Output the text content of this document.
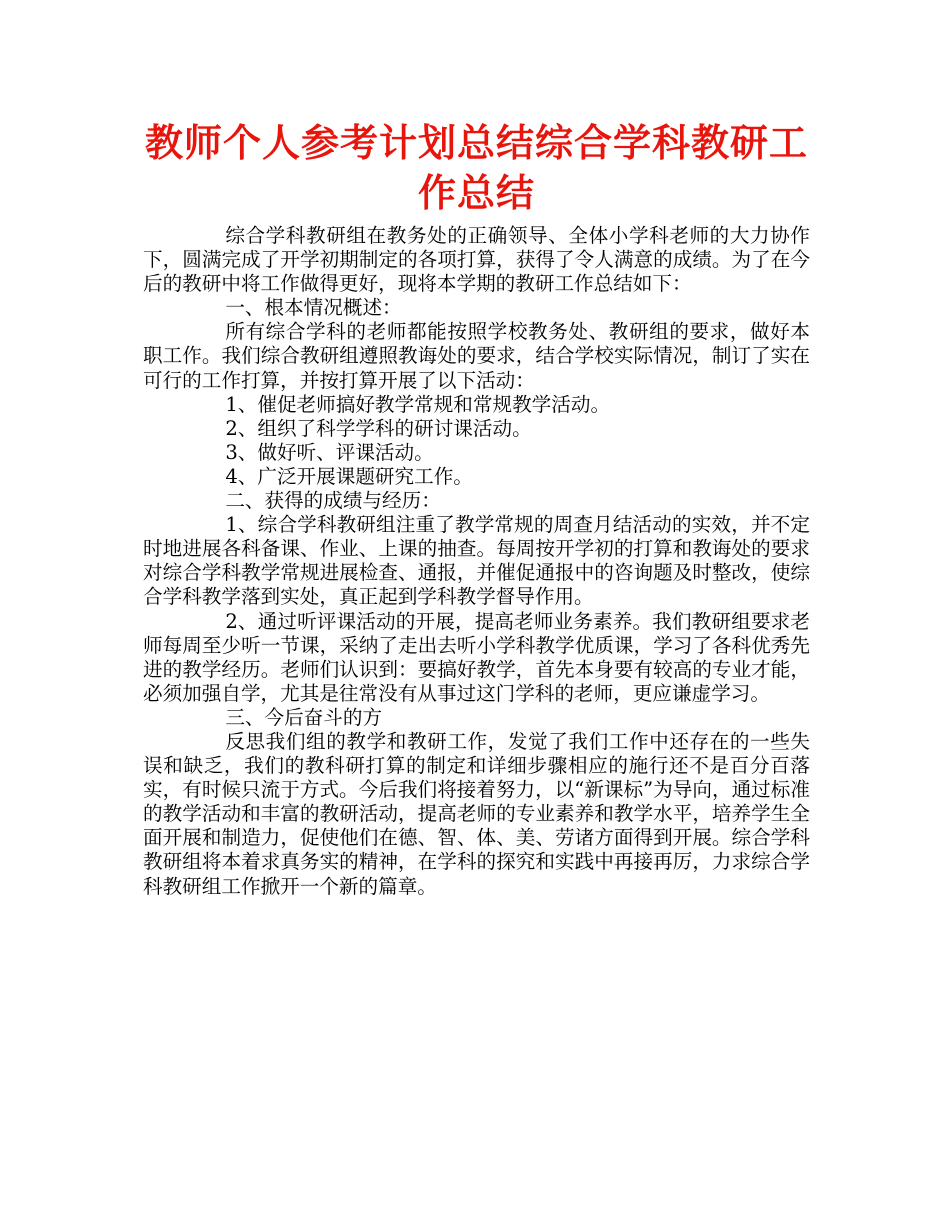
教师个人参考计划总结综合学科教研工作总结

综合学科教研组在教务处的正确领导、全体小学科老师的大力协作下，圆满完成了开学初期制定的各项打算，获得了令人满意的成绩。为了在今后的教研中将工作做得更好，现将本学期的教研工作总结如下：

一、根本情况概述：

所有综合学科的老师都能按照学校教务处、教研组的要求，做好本职工作。我们综合教研组遵照教诲处的要求，结合学校实际情况，制订了实在可行的工作打算，并按打算开展了以下活动：

1、催促老师搞好教学常规和常规教学活动。

2、组织了科学学科的研讨课活动。

3、做好听、评课活动。

4、广泛开展课题研究工作。

二、获得的成绩与经历：

1、综合学科教研组注重了教学常规的周查月结活动的实效，并不定时地进展各科备课、作业、上课的抽查。每周按开学初的打算和教诲处的要求对综合学科教学常规进展检查、通报，并催促通报中的咨询题及时整改，使综合学科教学落到实处，真正起到学科教学督导作用。

2、通过听评课活动的开展，提高老师业务素养。我们教研组要求老师每周至少听一节课，采纳了走出去听小学科教学优质课，学习了各科优秀先进的教学经历。老师们认识到：要搞好教学，首先本身要有较高的专业才能，必须加强自学，尤其是往常没有从事过这门学科的老师，更应谦虚学习。

三、今后奋斗的方

反思我们组的教学和教研工作，发觉了我们工作中还存在的一些失误和缺乏，我们的教科研打算的制定和详细步骤相应的施行还不是百分百落实，有时候只流于方式。今后我们将接着努力，以“新课标”为导向，通过标准的教学活动和丰富的教研活动，提高老师的专业素养和教学水平，培养学生全面开展和制造力，促使他们在德、智、体、美、劳诸方面得到开展。综合学科教研组将本着求真务实的精神，在学科的探究和实践中再接再厉，力求综合学科教研组工作掀开一个新的篇章。
